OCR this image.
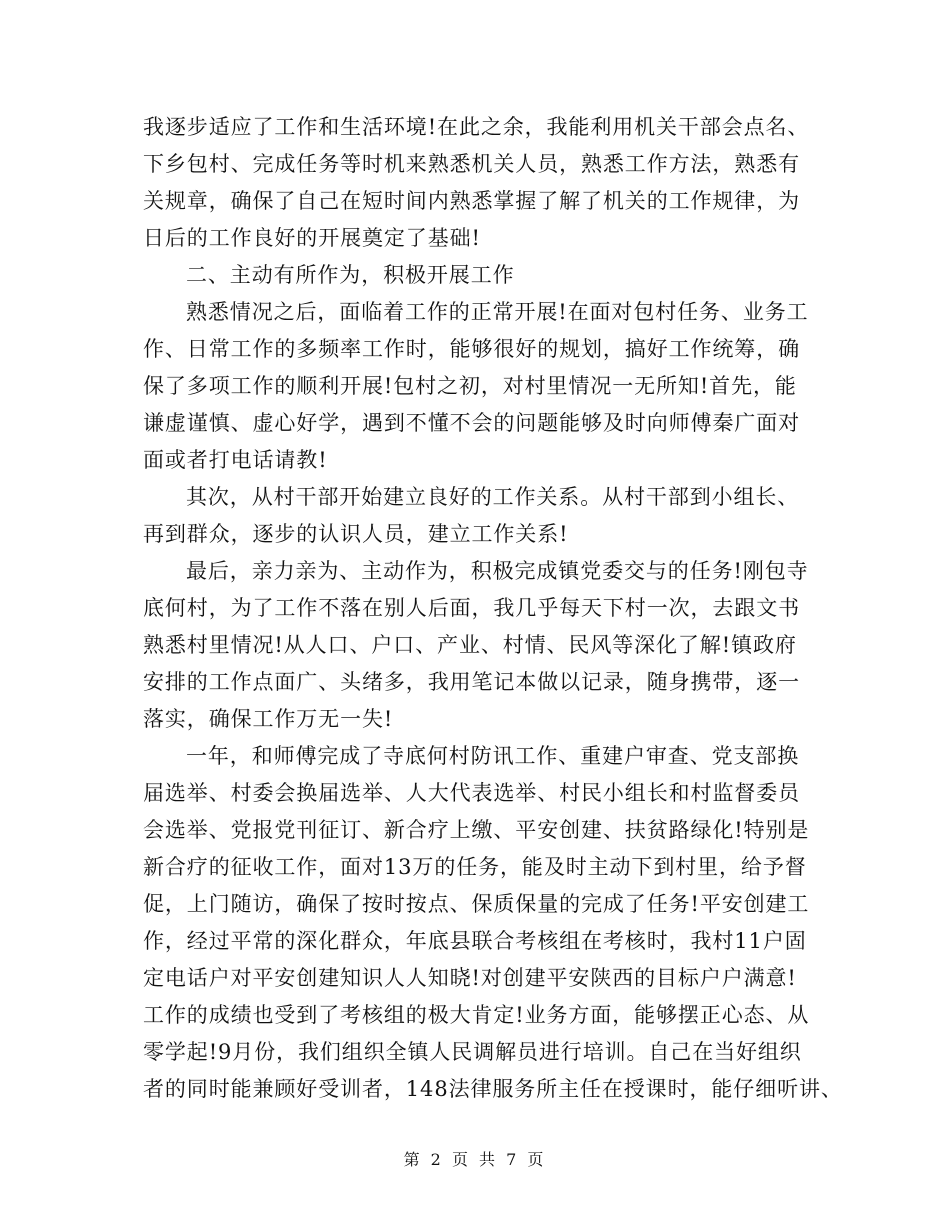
我逐步适应了工作和生活环境!在此之余，我能利用机关干部会点名、
下乡包村、完成任务等时机来熟悉机关人员，熟悉工作方法，熟悉有
关规章，确保了自己在短时间内熟悉掌握了解了机关的工作规律，为
日后的工作良好的开展奠定了基础!
二、主动有所作为，积极开展工作
熟悉情况之后，面临着工作的正常开展!在面对包村任务、业务工
作、日常工作的多频率工作时，能够很好的规划，搞好工作统筹，确
保了多项工作的顺利开展!包村之初，对村里情况一无所知!首先，能
谦虚谨慎、虚心好学，遇到不懂不会的问题能够及时向师傅秦广面对
面或者打电话请教!
其次，从村干部开始建立良好的工作关系。从村干部到小组长、
再到群众，逐步的认识人员，建立工作关系!
最后，亲力亲为、主动作为，积极完成镇党委交与的任务!刚包寺
底何村，为了工作不落在别人后面，我几乎每天下村一次，去跟文书
熟悉村里情况!从人口、户口、产业、村情、民风等深化了解!镇政府
安排的工作点面广、头绪多，我用笔记本做以记录，随身携带，逐一
落实，确保工作万无一失!
一年，和师傅完成了寺底何村防讯工作、重建户审查、党支部换
届选举、村委会换届选举、人大代表选举、村民小组长和村监督委员
会选举、党报党刊征订、新合疗上缴、平安创建、扶贫路绿化!特别是
新合疗的征收工作，面对13万的任务，能及时主动下到村里，给予督
促，上门随访，确保了按时按点、保质保量的完成了任务!平安创建工
作，经过平常的深化群众，年底县联合考核组在考核时，我村11户固
定电话户对平安创建知识人人知晓!对创建平安陕西的目标户户满意!
工作的成绩也受到了考核组的极大肯定!业务方面，能够摆正心态、从
零学起!9月份，我们组织全镇人民调解员进行培训。自己在当好组织
者的同时能兼顾好受训者，148法律服务所主任在授课时，能仔细听讲、
第 2 页 共 7 页
